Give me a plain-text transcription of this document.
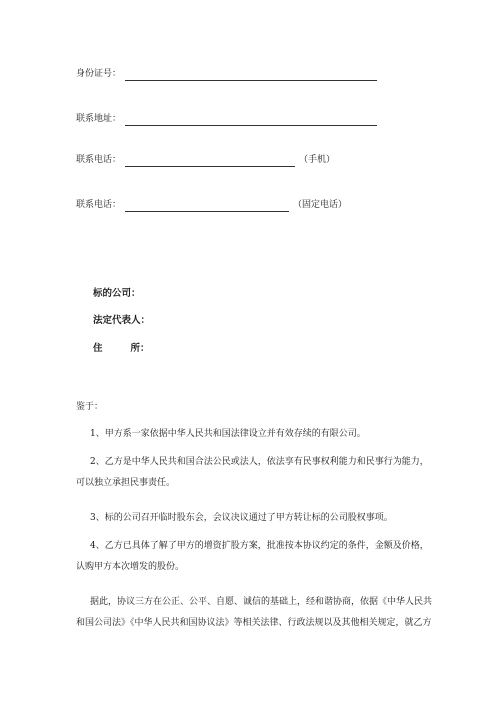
身份证号：
联系地址：
联系电话：	（手机）
联系电话：	（固定电话）
标的公司：
法定代表人：
住	所：
鉴于：
1、甲方系一家依据中华人民共和国法律设立并有效存续的有限公司。
2、乙方是中华人民共和国合法公民或法人，依法享有民事权利能力和民事行为能力，
可以独立承担民事责任。
3、标的公司召开临时股东会，会议决议通过了甲方转让标的公司股权事项。
4、乙方已具体了解了甲方的增资扩股方案，批准按本协议约定的条件，金额及价格，
认购甲方本次增发的股份。
据此，协议三方在公正、公平、自愿、诚信的基础上，经和谐协商，依据《中华人民共
和国公司法》《中华人民共和国协议法》等相关法律、行政法规以及其他相关规定，就乙方
